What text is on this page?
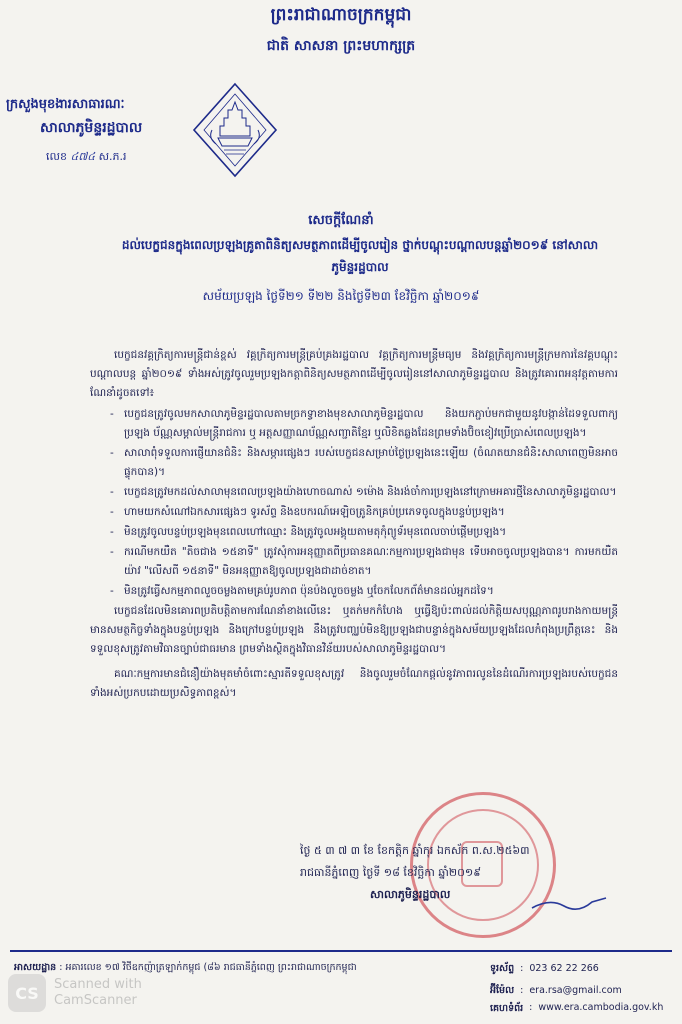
ព្រះរាជាណាចក្រកម្ពុជា
ជាតិ សាសនា ព្រះមហាក្សត្រ
ក្រសួងមុខងារសាធារណៈ
សាលាភូមិន្ទរដ្ឋបាល
លេខ ៤៧៤ ស.ភ.រ
សេចក្ដីណែនាំ
ដល់បេក្ខជនក្នុងពេលប្រឡងគ្រូតាពិនិត្យសមត្ថភាពដើម្បីចូលរៀន ថ្នាក់បណ្ដុះបណ្ដាលបន្តឆ្នាំ២០១៩ នៅសាលាភូមិន្ទរដ្ឋបាល
សម័យប្រឡង ថ្ងៃទី២១ ទី២២ និងថ្ងៃទី២៣ ខែវិច្ឆិកា ឆ្នាំ២០១៩

បេក្ខជនវគ្គក្រិត្យការមន្ត្រីជាន់ខ្ពស់ វគ្គក្រិត្យការមន្ត្រីគ្រប់គ្រងរដ្ឋបាល វគ្គក្រិត្យការមន្ត្រីមធ្យម និងវគ្គក្រិត្យការមន្ត្រីក្រមការនៃវគ្គបណ្ដុះបណ្ដាលបន្ត ឆ្នាំ២០១៩ ទាំងអស់ត្រូវចូលរួមប្រឡងកត្តាពិនិត្យសមត្ថភាពដើម្បីចូលរៀននៅសាលាភូមិន្ទរដ្ឋបាល និងត្រូវគោរពអនុវត្តតាមការណែនាំដូចតទៅ៖

- បេក្ខជនត្រូវចូលមកសាលាភូមិន្ទរដ្ឋបាលតាមច្រកទ្វាខាងមុខសាលាភូមិន្ទរដ្ឋបាល និងយកភ្ជាប់មកជាមួយនូវបង្កាន់ដៃទទួលពាក្យប្រឡង ប័ណ្ណសម្គាល់មន្ត្រីរាជការ ឬ អត្តសញ្ញាណប័ណ្ណសញ្ជាតិខ្មែរ ឬលិខិតឆ្លងដែនព្រមទាំងប៊ិចខៀវប្រើប្រាស់ពេលប្រឡង។
- សាលាពុំទទួលការផ្ញើយានជំនិះ និងសម្ភារផ្សេងៗ របស់បេក្ខជនសម្រាប់ថ្ងៃប្រឡងនេះឡើយ (ចំណតយានជំនិះសាលាពេញមិនអាចផ្ទុកបាន)។
- បេក្ខជនត្រូវមកដល់សាលាមុនពេលប្រឡងយ៉ាងហោចណាស់ ១ម៉ោង និងរង់ចាំការប្រឡងនៅក្រោមអគារថ្មីនៃសាលាភូមិន្ទរដ្ឋបាល។
- ហាមយកសំណៅឯកសារផ្សេងៗ ទូរស័ព្ទ និងឧបករណ៍អេឡិចត្រូនិកគ្រប់ប្រភេទចូលក្នុងបន្ទប់ប្រឡង។
- មិនត្រូវចូលបន្ទប់ប្រឡងមុនពេលហៅឈ្មោះ និងត្រូវចូលអង្គុយតាមតុកុំព្យូទ័រមុនពេលចាប់ផ្ដើមប្រឡង។
- ករណីមកយឺត "តិចជាង ១៥នាទី" ត្រូវសុំការអនុញ្ញាតពីប្រធានគណៈកម្មការប្រឡងជាមុន ទើបអាចចូលប្រឡងបាន។ ការមកយឺតយ៉ាវ "លើសពី ១៥នាទី" មិនអនុញ្ញាតឱ្យចូលប្រឡងជាដាច់ខាត។
- មិនត្រូវធ្វើសកម្មភាពលួចចម្លងតាមគ្រប់រូបភាព ប៉ុនប៉ងលួចចម្លង ឬចែកលែកព័ត៌មានដល់អ្នកដទៃ។

បេក្ខជនដែលមិនគោរពប្រតិបត្តិតាមការណែនាំខាងលើនេះ ឬតក់មកកំហែង ឬធ្វើឱ្យប៉ះពាល់ដល់កិត្តិយសបុណ្ណភាពរូបរាងកាយមន្ត្រីមានសមត្ថកិច្ចទាំងក្នុងបន្ទប់ប្រឡង និងក្រៅបន្ទប់ប្រឡង នឹងត្រូវបញ្ឈប់មិនឱ្យប្រឡងជាបន្ទាន់ក្នុងសម័យប្រឡងដែលកំពុងប្រព្រឹត្តនេះ និងទទួលខុសត្រូវតាមវិធានច្បាប់ជាធរមាន ព្រមទាំងស្ថិតក្នុងវិធានវិន័យរបស់សាលាភូមិន្ទរដ្ឋបាល។

គណៈកម្មការមានជំនឿយ៉ាងមុតមាំចំពោះស្មារតីទទួលខុសត្រូវ និងចូលរួមចំណែកផ្ដល់នូវភាពរលូននៃដំណើរការប្រឡងរបស់បេក្ខជនទាំងអស់ប្រកបដោយប្រសិទ្ធភាពខ្ពស់។

ថ្ងៃ ៥ ៣ ៧ ៣ ខែ ខែកត្ដិក ឆ្នាំកុរ ឯកស័ក ព.ស.២៥៦៣
រាជធានីភ្នំពេញ ថ្ងៃទី ១៨ ខែវិច្ឆិកា ឆ្នាំ២០១៩
សាលាភូមិន្ទរដ្ឋបាល
អាសយដ្ឋាន : អគារលេខ ១៧ វិថីឧកញ៉ាត្រឡាក់កម្ពុជ (៨៦ រាជធានីភ្នំពេញ ព្រះរាជាណាចក្រកម្ពុជា	ទូរស័ព្ទ : 023 62 22 266
អ៊ីម៉ែល : era.rsa@gmail.com
គេហទំព័រ : www.era.cambodia.gov.kh
CS	Scanned with
CamScanner
